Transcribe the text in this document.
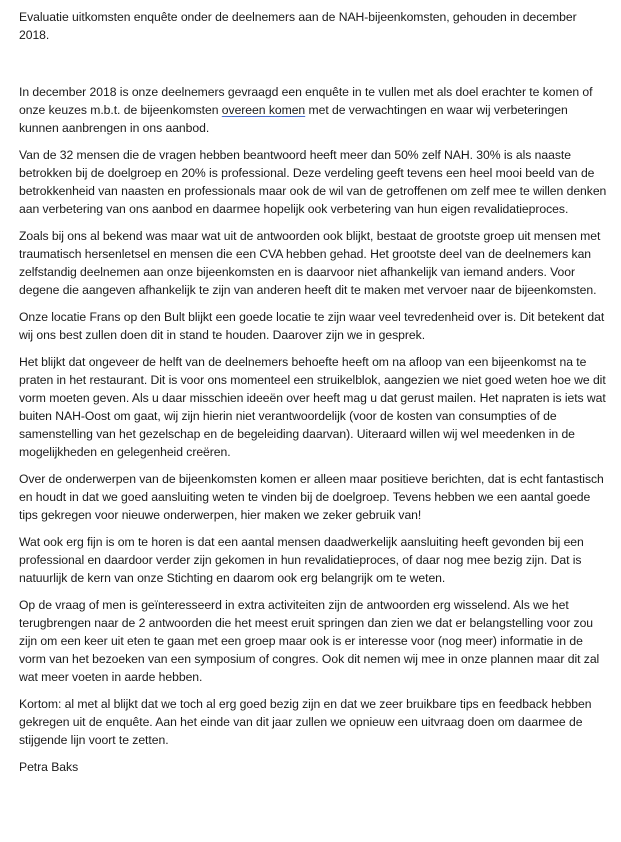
Evaluatie uitkomsten enquête onder de deelnemers aan de NAH-bijeenkomsten, gehouden in december 2018.

In december 2018 is onze deelnemers gevraagd een enquête in te vullen met als doel erachter te komen of onze keuzes m.b.t. de bijeenkomsten overeen komen met de verwachtingen en waar wij verbeteringen kunnen aanbrengen in ons aanbod.

Van de 32 mensen die de vragen hebben beantwoord heeft meer dan 50% zelf NAH. 30% is als naaste betrokken bij de doelgroep en 20% is professional. Deze verdeling geeft tevens een heel mooi beeld van de betrokkenheid van naasten en professionals maar ook de wil van de getroffenen om zelf mee te willen denken aan verbetering van ons aanbod en daarmee hopelijk ook verbetering van hun eigen revalidatieproces.

Zoals bij ons al bekend was maar wat uit de antwoorden ook blijkt, bestaat de grootste groep uit mensen met traumatisch hersenletsel en mensen die een CVA hebben gehad. Het grootste deel van de deelnemers kan zelfstandig deelnemen aan onze bijeenkomsten en is daarvoor niet afhankelijk van iemand anders. Voor degene die aangeven afhankelijk te zijn van anderen heeft dit te maken met vervoer naar de bijeenkomsten.

Onze locatie Frans op den Bult blijkt een goede locatie te zijn waar veel tevredenheid over is. Dit betekent dat wij ons best zullen doen dit in stand te houden. Daarover zijn we in gesprek.

Het blijkt dat ongeveer de helft van de deelnemers behoefte heeft om na afloop van een bijeenkomst na te praten in het restaurant. Dit is voor ons momenteel een struikelblok, aangezien we niet goed weten hoe we dit vorm moeten geven. Als u daar misschien ideeën over heeft mag u dat gerust mailen. Het napraten is iets wat buiten NAH-Oost om gaat, wij zijn hierin niet verantwoordelijk (voor de kosten van consumpties of de samenstelling van het gezelschap en de begeleiding daarvan). Uiteraard willen wij wel meedenken in de mogelijkheden en gelegenheid creëren.

Over de onderwerpen van de bijeenkomsten komen er alleen maar positieve berichten, dat is echt fantastisch en houdt in dat we goed aansluiting weten te vinden bij de doelgroep. Tevens hebben we een aantal goede tips gekregen voor nieuwe onderwerpen, hier maken we zeker gebruik van!

Wat ook erg fijn is om te horen is dat een aantal mensen daadwerkelijk aansluiting heeft gevonden bij een professional en daardoor verder zijn gekomen in hun revalidatieproces, of daar nog mee bezig zijn. Dat is natuurlijk de kern van onze Stichting en daarom ook erg belangrijk om te weten.

Op de vraag of men is geïnteresseerd in extra activiteiten zijn de antwoorden erg wisselend. Als we het terugbrengen naar de 2 antwoorden die het meest eruit springen dan zien we dat er belangstelling voor zou zijn om een keer uit eten te gaan met een groep maar ook is er interesse voor (nog meer) informatie in de vorm van het bezoeken van een symposium of congres. Ook dit nemen wij mee in onze plannen maar dit zal wat meer voeten in aarde hebben.

Kortom: al met al blijkt dat we toch al erg goed bezig zijn en dat we zeer bruikbare tips en feedback hebben gekregen uit de enquête. Aan het einde van dit jaar zullen we opnieuw een uitvraag doen om daarmee de stijgende lijn voort te zetten.

Petra Baks
